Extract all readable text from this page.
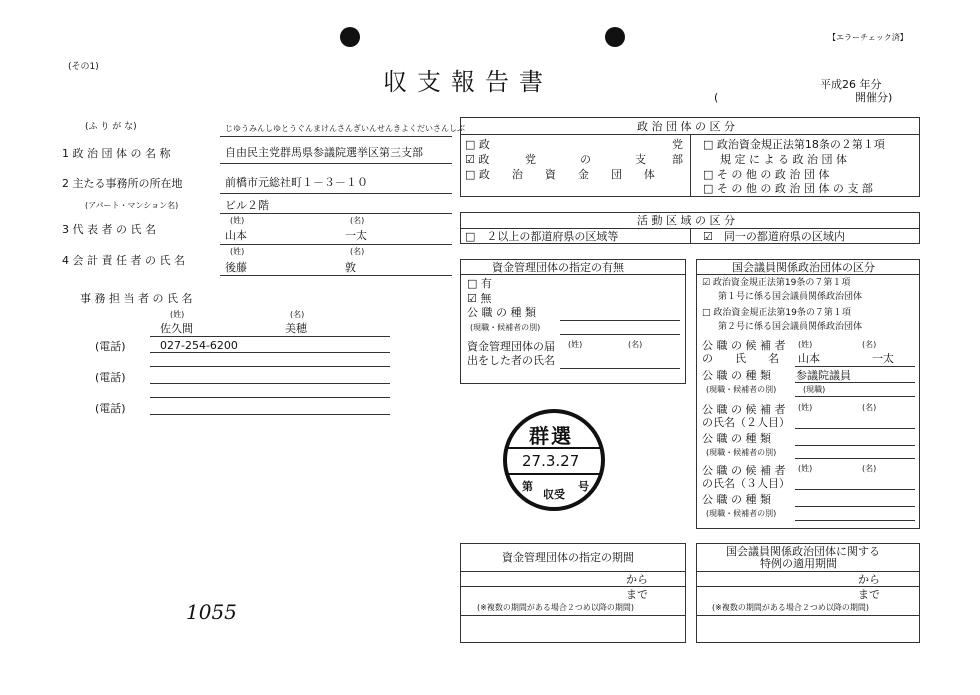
【エラーチェック済】
(その1)
収支報告書	平成26 年分
(	開催分)
(ふ り が な)	じゆうみんしゆとうぐんまけんさんぎいんせんきよくだいさんしぶ
1 政 治 団 体 の 名 称	自由民主党群馬県参議院選挙区第三支部
2 主たる事務所の所在地	前橋市元総社町１－３－１０
(アパート・マンション名)	ビル２階
(姓)	(名)
3 代 表 者 の 氏 名	山本	一太
(姓)	(名)
4 会 計 責 任 者 の 氏 名
後藤	敦
事 務 担 当 者 の 氏 名
(姓)	(名)
佐久間	美穂
(電話)	027-254-6200
(電話)
(電話)
政 治 団 体 の 区 分
□ 政	党
☑ 政	党	の	支 部
□ 政　　治　　資　　金　　団　　体
□ 政治資金規正法第18条の２第１項
規 定 に よ る 政 治 団 体
□ そ の 他 の 政 治 団 体
□ そ の 他 の 政 治 団 体 の 支 部
活 動 区 域 の 区 分
□　２以上の都道府県の区域等	☑　同一の都道府県の区域内
資金管理団体の指定の有無
□ 有
☑ 無
公 職 の 種 類
(現職・候補者の別)
資金管理団体の届
出をした者の氏名
(姓)	(名)
国会議員関係政治団体の区分
☑ 政治資金規正法第19条の７第１項
第１号に係る国会議員関係政治団体
□ 政治資金規正法第19条の７第１項
第２号に係る国会議員関係政治団体
公 職 の 候 補 者
の　　氏　　名
(姓)	(名)
山本	一太
公 職 の 種 類 参議院議員
(現職・候補者の別)	(現職)
公 職 の 候 補 者
の氏名（２人目）
(姓)	(名)
公 職 の 種 類
(現職・候補者の別)
公 職 の 候 補 者
の氏名（３人目）
(姓)	(名)
公 職 の 種 類
(現職・候補者の別)
群選
27.3.27
第
収受
号
資金管理団体の指定の期間
から
まで
(※複数の期間がある場合２つめ以降の期間)
国会議員関係政治団体に関する
特例の適用期間
から
まで
(※複数の期間がある場合２つめ以降の期間)
1055
